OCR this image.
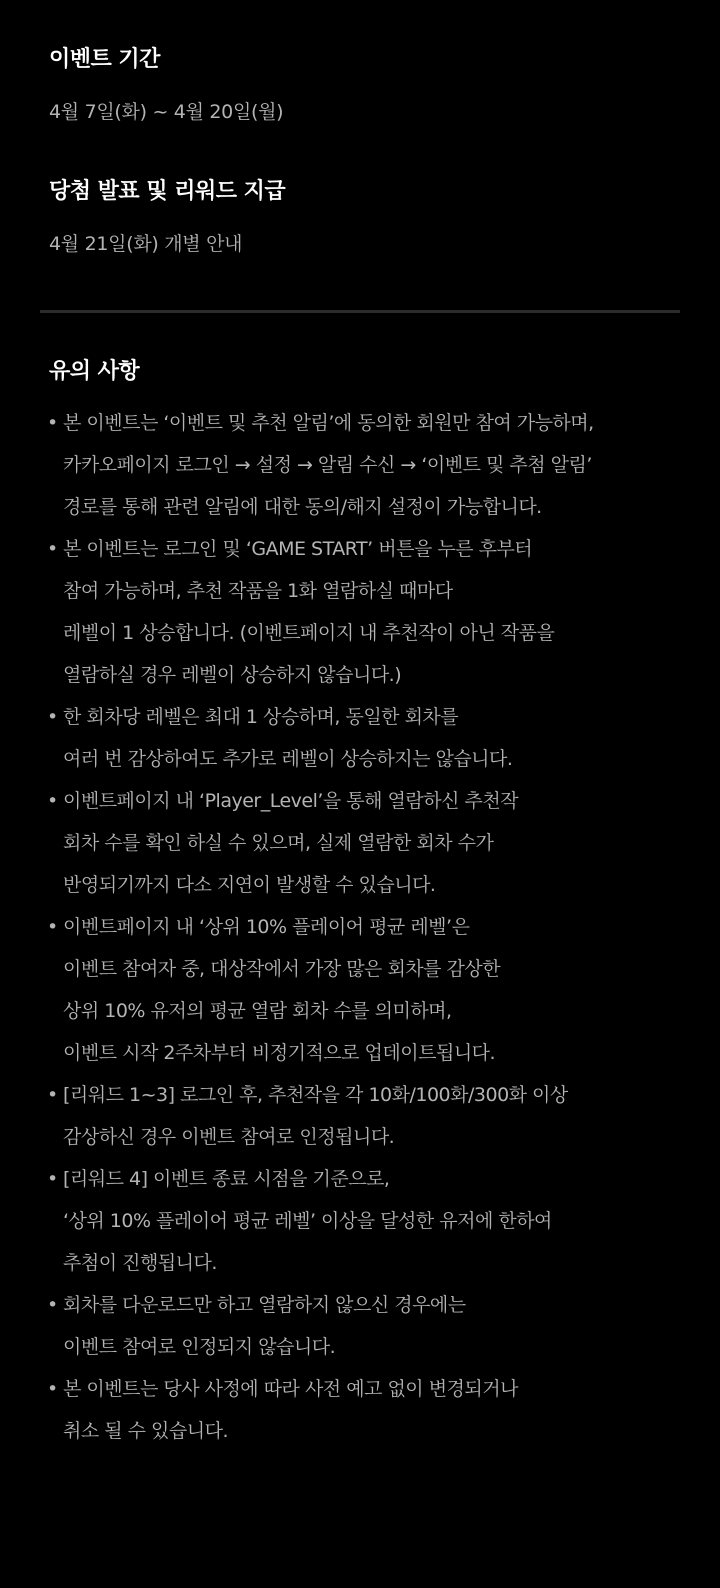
이벤트 기간
4월 7일(화) ~ 4월 20일(월)
당첨 발표 및 리워드 지급
4월 21일(화) 개별 안내
유의 사항
• 본 이벤트는 ‘이벤트 및 추천 알림’에 동의한 회원만 참여 가능하며,
카카오페이지 로그인 → 설정 → 알림 수신 → ‘이벤트 및 추첨 알림’
경로를 통해 관련 알림에 대한 동의/해지 설정이 가능합니다.
• 본 이벤트는 로그인 및 ‘GAME START’ 버튼을 누른 후부터
참여 가능하며, 추천 작품을 1화 열람하실 때마다
레벨이 1 상승합니다. (이벤트페이지 내 추천작이 아닌 작품을
열람하실 경우 레벨이 상승하지 않습니다.)
• 한 회차당 레벨은 최대 1 상승하며, 동일한 회차를
여러 번 감상하여도 추가로 레벨이 상승하지는 않습니다.
• 이벤트페이지 내 ‘Player_Level’을 통해 열람하신 추천작
회차 수를 확인 하실 수 있으며, 실제 열람한 회차 수가
반영되기까지 다소 지연이 발생할 수 있습니다.
• 이벤트페이지 내 ‘상위 10% 플레이어 평균 레벨’은
이벤트 참여자 중, 대상작에서 가장 많은 회차를 감상한
상위 10% 유저의 평균 열람 회차 수를 의미하며,
이벤트 시작 2주차부터 비정기적으로 업데이트됩니다.
• [리워드 1~3] 로그인 후, 추천작을 각 10화/100화/300화 이상
감상하신 경우 이벤트 참여로 인정됩니다.
• [리워드 4] 이벤트 종료 시점을 기준으로,
‘상위 10% 플레이어 평균 레벨’ 이상을 달성한 유저에 한하여
추첨이 진행됩니다.
• 회차를 다운로드만 하고 열람하지 않으신 경우에는
이벤트 참여로 인정되지 않습니다.
• 본 이벤트는 당사 사정에 따라 사전 예고 없이 변경되거나
취소 될 수 있습니다.
